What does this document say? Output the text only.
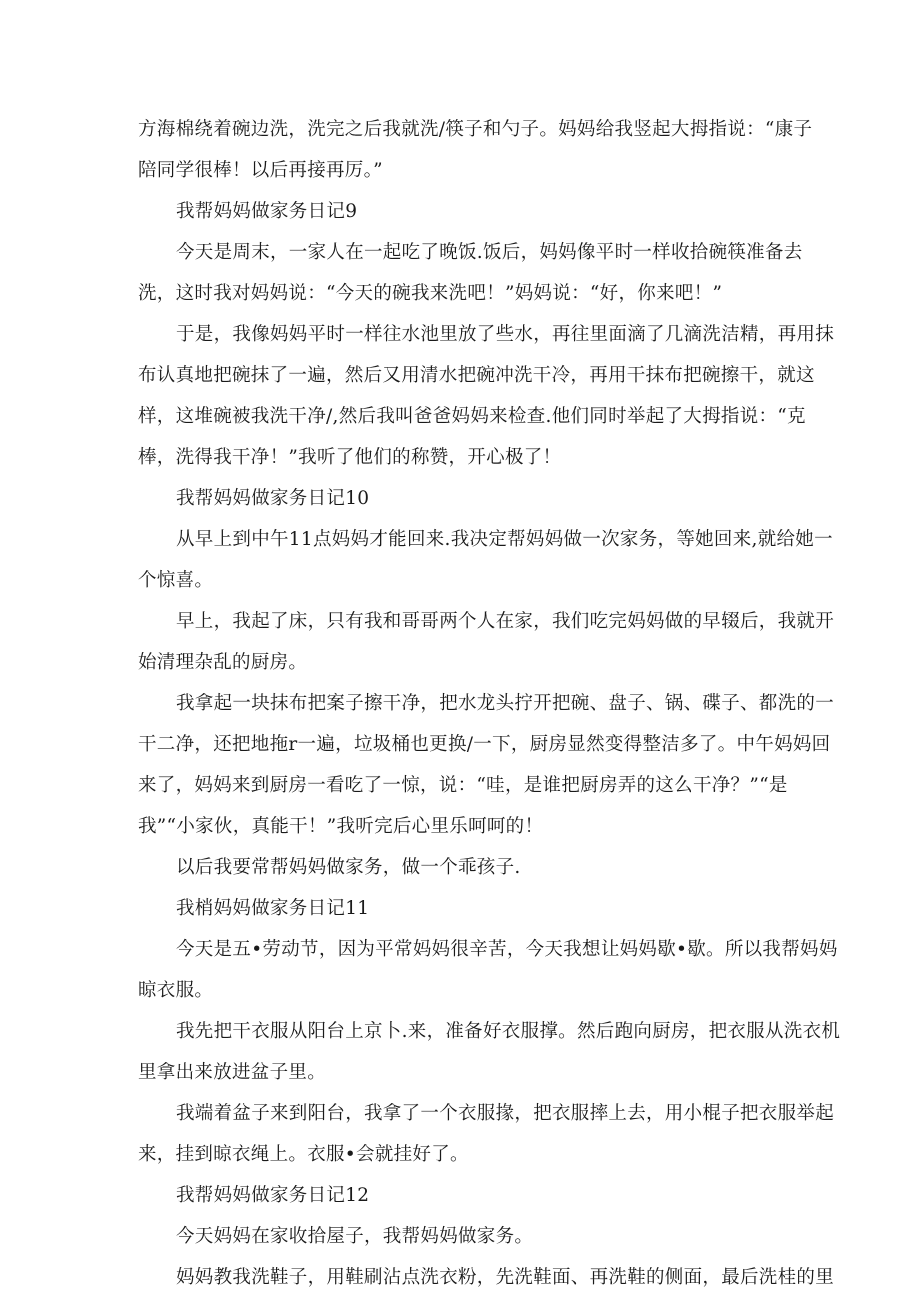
方海棉绕着碗边洗，洗完之后我就洗/筷子和勺子。妈妈给我竖起大拇指说：“康子
陪同学很棒！以后再接再厉。”
我帮妈妈做家务日记9
今天是周末，一家人在一起吃了晚饭.饭后，妈妈像平时一样收拾碗筷准备去
洗，这时我对妈妈说：“今天的碗我来洗吧！”妈妈说：“好，你来吧！”
于是，我像妈妈平时一样往水池里放了些水，再往里面滴了几滴洗洁精，再用抹
布认真地把碗抹了一遍，然后又用清水把碗冲洗干冷，再用干抹布把碗擦干，就这
样，这堆碗被我洗干净/,然后我叫爸爸妈妈来检查.他们同时举起了大拇指说：“克
棒，洗得我干净！”我听了他们的称赞，开心极了！
我帮妈妈做家务日记10
从早上到中午11点妈妈才能回来.我决定帮妈妈做一次家务，等她回来,就给她一
个惊喜。
早上，我起了床，只有我和哥哥两个人在家，我们吃完妈妈做的早辍后，我就开
始清理杂乱的厨房。
我拿起一块抹布把案子擦干净，把水龙头拧开把碗、盘子、锅、碟子、都洗的一
干二净，还把地拖r一遍，垃圾桶也更换/一下，厨房显然变得整洁多了。中午妈妈回
来了，妈妈来到厨房一看吃了一惊，说：“哇，是谁把厨房弄的这么干净？”“是
我”“小家伙，真能干！”我听完后心里乐呵呵的！
以后我要常帮妈妈做家务，做一个乖孩子.
我梢妈妈做家务日记11
今天是五•劳动节，因为平常妈妈很辛苦，今天我想让妈妈歇•歇。所以我帮妈妈
晾衣服。
我先把干衣服从阳台上京卜.来，准备好衣服撑。然后跑向厨房，把衣服从洗衣机
里拿出来放进盆子里。
我端着盆子来到阳台，我拿了一个衣服掾，把衣服摔上去，用小棍子把衣服举起
来，挂到晾衣绳上。衣服•会就挂好了。
我帮妈妈做家务日记12
今天妈妈在家收拾屋子，我帮妈妈做家务。
妈妈教我洗鞋子，用鞋刷沾点洗衣粉，先洗鞋面、再洗鞋的侧面，最后洗桂的里
